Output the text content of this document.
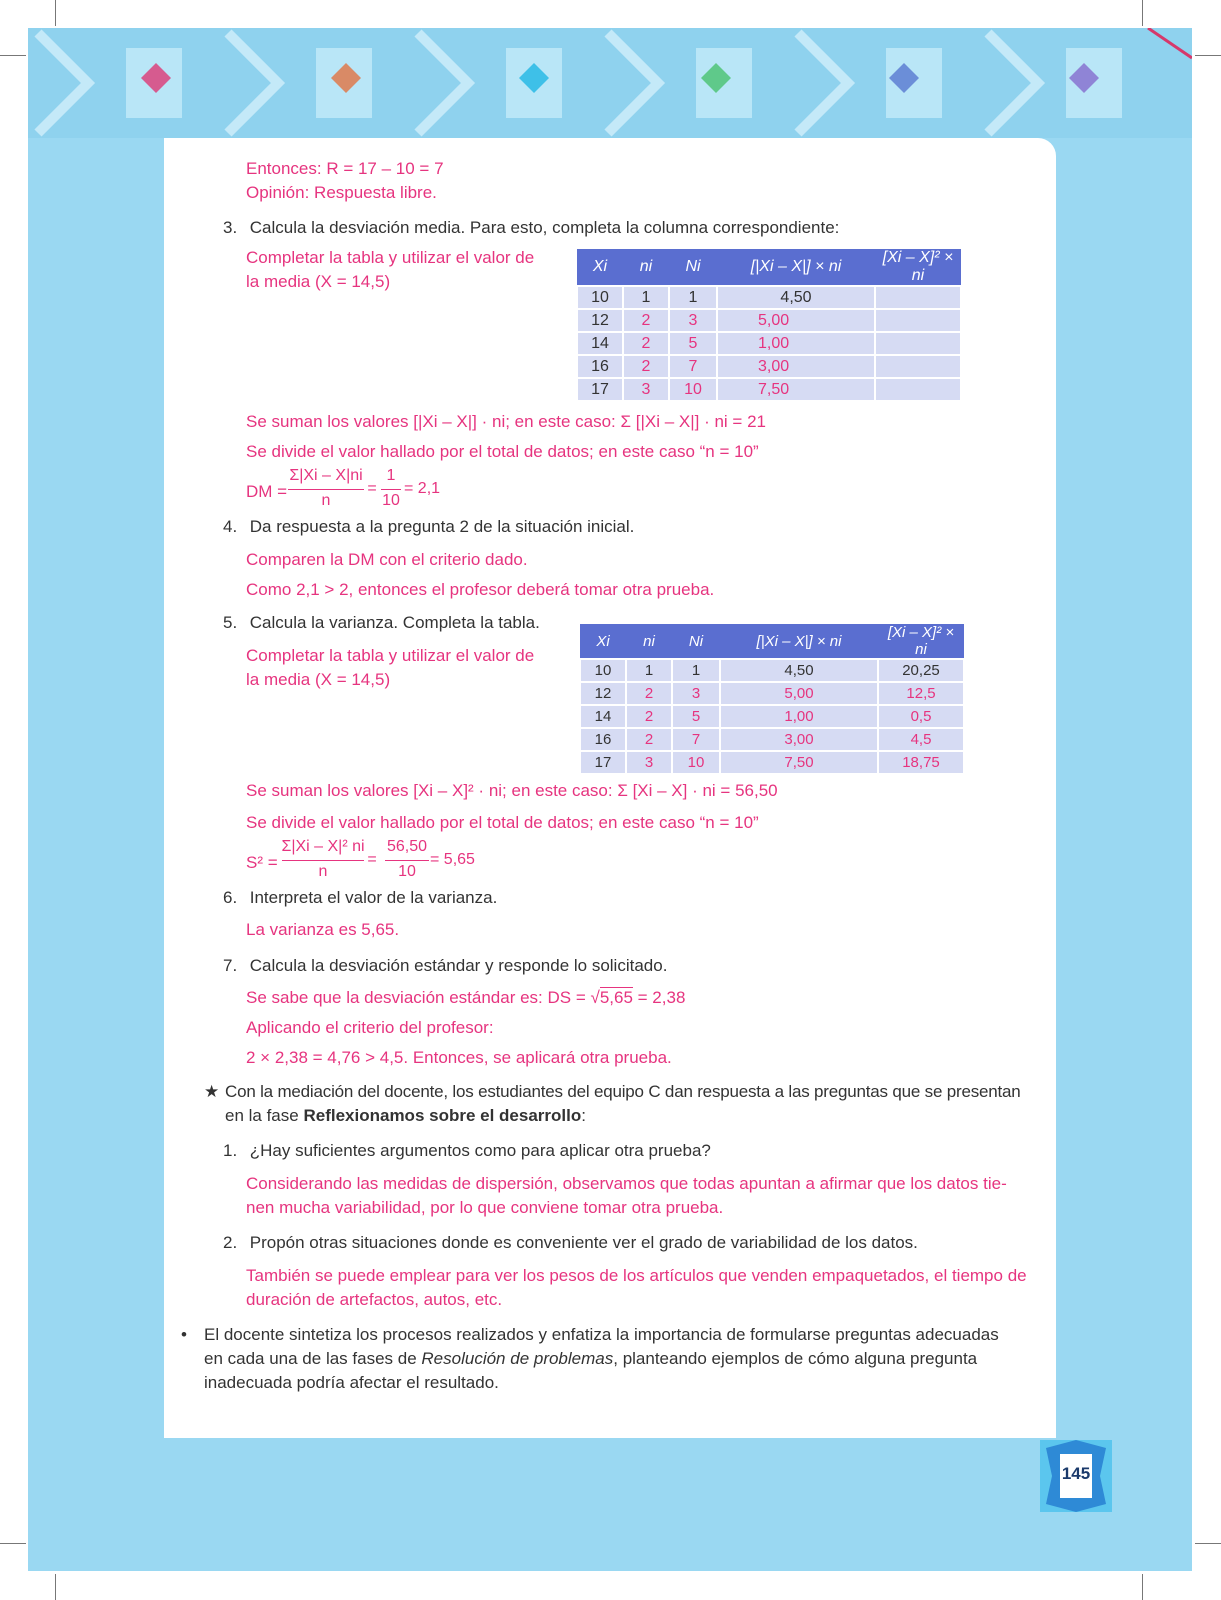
Entonces: R = 17 – 10 = 7
Opinión: Respuesta libre.
3. Calcula la desviación media. Para esto, completa la columna correspondiente:
Completar la tabla y utilizar el valor de
la media (X = 14,5)
Xi	ni	Ni	[|Xi – X|] × ni	[Xi – X]² × ni
10	1	1	4,50	
12	2	3	5,00	
14	2	5	1,00	
16	2	7	3,00	
17	3	10	7,50	
Se suman los valores [|Xi – X|] · ni; en este caso: Σ [|Xi – X|] · ni = 21
Se divide el valor hallado por el total de datos; en este caso “n = 10”
DM =
Σ|Xi – X|ni
n
=
1
10
= 2,1
4. Da respuesta a la pregunta 2 de la situación inicial.
Comparen la DM con el criterio dado.
Como 2,1 > 2, entonces el profesor deberá tomar otra prueba.
5. Calcula la varianza. Completa la tabla.
Completar la tabla y utilizar el valor de
la media (X = 14,5)
Xi	ni	Ni	[|Xi – X|] × ni	[Xi – X]² × ni
10	1	1	4,50	20,25
12	2	3	5,00	12,5
14	2	5	1,00	0,5
16	2	7	3,00	4,5
17	3	10	7,50	18,75
Se suman los valores [Xi – X]² · ni; en este caso: Σ [Xi – X] · ni = 56,50
Se divide el valor hallado por el total de datos; en este caso “n = 10”
S² =
Σ|Xi – X|² ni
n
=
56,50
10
= 5,65
6. Interpreta el valor de la varianza.
La varianza es 5,65.
7. Calcula la desviación estándar y responde lo solicitado.
Se sabe que la desviación estándar es: DS = √5,65 = 2,38
Aplicando el criterio del profesor:
2 × 2,38 = 4,76 > 4,5. Entonces, se aplicará otra prueba.
★ Con la mediación del docente, los estudiantes del equipo C dan respuesta a las preguntas que se presentan
en la fase Reflexionamos sobre el desarrollo:
1. ¿Hay suficientes argumentos como para aplicar otra prueba?
Considerando las medidas de dispersión, observamos que todas apuntan a afirmar que los datos tie-
nen mucha variabilidad, por lo que conviene tomar otra prueba.
2. Propón otras situaciones donde es conveniente ver el grado de variabilidad de los datos.
También se puede emplear para ver los pesos de los artículos que venden empaquetados, el tiempo de
duración de artefactos, autos, etc.
• El docente sintetiza los procesos realizados y enfatiza la importancia de formularse preguntas adecuadas
en cada una de las fases de Resolución de problemas, planteando ejemplos de cómo alguna pregunta
inadecuada podría afectar el resultado.
145
